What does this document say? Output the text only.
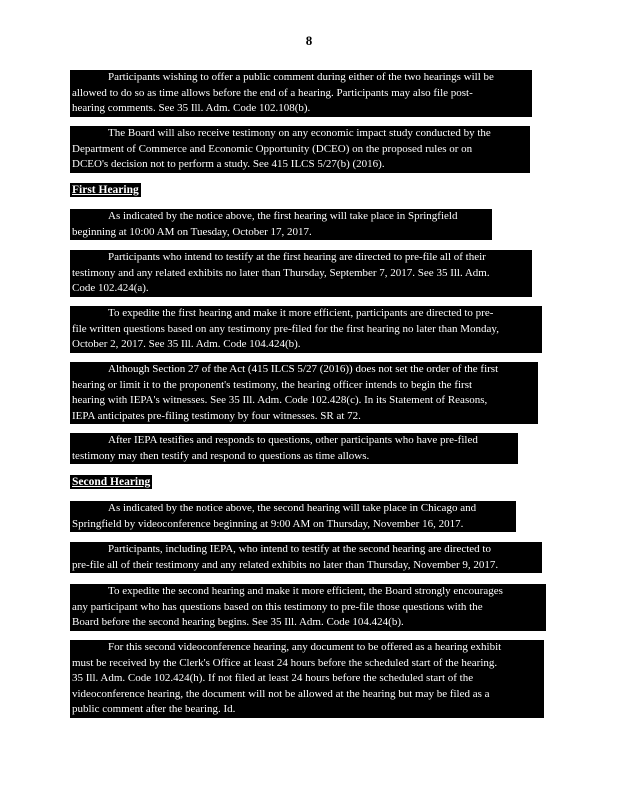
8
Participants wishing to offer a public comment during either of the two hearings will be
allowed to do so as time allows before the end of a hearing. Participants may also file post-
hearing comments. See 35 Ill. Adm. Code 102.108(b).
The Board will also receive testimony on any economic impact study conducted by the
Department of Commerce and Economic Opportunity (DCEO) on the proposed rules or on
DCEO's decision not to perform a study. See 415 ILCS 5/27(b) (2016).
First Hearing
As indicated by the notice above, the first hearing will take place in Springfield
beginning at 10:00 AM on Tuesday, October 17, 2017.
Participants who intend to testify at the first hearing are directed to pre-file all of their
testimony and any related exhibits no later than Thursday, September 7, 2017. See 35 Ill. Adm.
Code 102.424(a).
To expedite the first hearing and make it more efficient, participants are directed to pre-
file written questions based on any testimony pre-filed for the first hearing no later than Monday,
October 2, 2017. See 35 Ill. Adm. Code 104.424(b).
Although Section 27 of the Act (415 ILCS 5/27 (2016)) does not set the order of the first
hearing or limit it to the proponent's testimony, the hearing officer intends to begin the first
hearing with IEPA's witnesses. See 35 Ill. Adm. Code 102.428(c). In its Statement of Reasons,
IEPA anticipates pre-filing testimony by four witnesses. SR at 72.
After IEPA testifies and responds to questions, other participants who have pre-filed
testimony may then testify and respond to questions as time allows.
Second Hearing
As indicated by the notice above, the second hearing will take place in Chicago and
Springfield by videoconference beginning at 9:00 AM on Thursday, November 16, 2017.
Participants, including IEPA, who intend to testify at the second hearing are directed to
pre-file all of their testimony and any related exhibits no later than Thursday, November 9, 2017.
To expedite the second hearing and make it more efficient, the Board strongly encourages
any participant who has questions based on this testimony to pre-file those questions with the
Board before the second hearing begins. See 35 Ill. Adm. Code 104.424(b).
For this second videoconference hearing, any document to be offered as a hearing exhibit
must be received by the Clerk's Office at least 24 hours before the scheduled start of the hearing.
35 Ill. Adm. Code 102.424(h). If not filed at least 24 hours before the scheduled start of the
videoconference hearing, the document will not be allowed at the hearing but may be filed as a
public comment after the bearing. Id.
